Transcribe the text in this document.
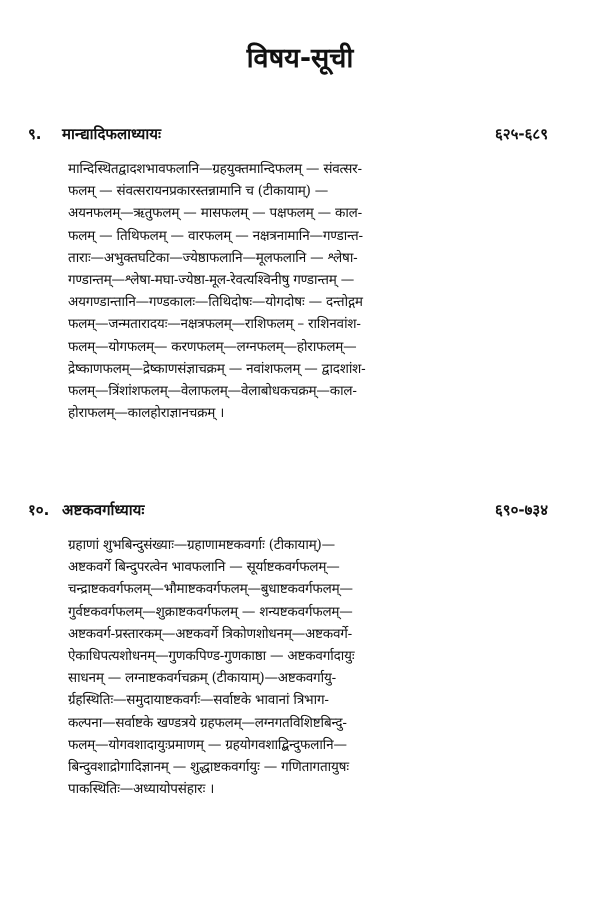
विषय-सूची
९. मान्द्यादिफलाध्यायः	६२५-६८९
मान्दिस्थितद्वादशभावफलानि—ग्रहयुक्तमान्दिफलम् — संवत्सर-
फलम् — संवत्सरायनप्रकारस्तन्नामानि च (टीकायाम्) —
अयनफलम्—ऋतुफलम् — मासफलम् — पक्षफलम् — काल-
फलम् — तिथिफलम् — वारफलम् — नक्षत्रनामानि—गण्डान्त-
ताराः—अभुक्तघटिका—ज्येष्ठाफलानि—मूलफलानि — श्लेषा-
गण्डान्तम्—श्लेषा-मघा-ज्येष्ठा-मूल-रेवत्यश्विनीषु गण्डान्तम् —
अयगण्डान्तानि—गण्डकालः—तिथिदोषः—योगदोषः — दन्तोद्गम
फलम्—जन्मतारादयः—नक्षत्रफलम्—राशिफलम् – राशिनवांश-
फलम्—योगफलम्— करणफलम्—लग्नफलम्—होराफलम्—
द्रेष्काणफलम्—द्रेष्काणसंज्ञाचक्रम् — नवांशफलम् — द्वादशांश-
फलम्—त्रिंशांशफलम्—वेलाफलम्—वेलाबोधकचक्रम्—काल-
होराफलम्—कालहोराज्ञानचक्रम् ।
१०. अष्टकवर्गाध्यायः	६९०-७३४
ग्रहाणां शुभबिन्दुसंख्याः—ग्रहाणामष्टकवर्गाः (टीकायाम्)—
अष्टकवर्गे बिन्दुपरत्वेन भावफलानि — सूर्याष्टकवर्गफलम्—
चन्द्राष्टकवर्गफलम्—भौमाष्टकवर्गफलम्—बुधाष्टकवर्गफलम्—
गुर्वष्टकवर्गफलम्—शुक्राष्टकवर्गफलम् — शन्यष्टकवर्गफलम्—
अष्टकवर्ग-प्रस्तारकम्—अष्टकवर्गे त्रिकोणशोधनम्—अष्टकवर्गे-
ऐकाधिपत्यशोधनम्—गुणकपिण्ड-गुणकाष्ठा — अष्टकवर्गादायुः
साधनम् — लग्नाष्टकवर्गचक्रम् (टीकायाम्)—अष्टकवर्गायु-
र्ग्रहस्थितिः—समुदायाष्टकवर्गः—सर्वाष्टके भावानां त्रिभाग-
कल्पना—सर्वाष्टके खण्डत्रये ग्रहफलम्—लग्नगतविशिष्टबिन्दु-
फलम्—योगवशादायुःप्रमाणम् — ग्रहयोगवशाद्बिन्दुफलानि—
बिन्दुवशाद्रोगादिज्ञानम् — शुद्धाष्टकवर्गायुः — गणितागतायुषः
पाकस्थितिः—अध्यायोपसंहारः ।
